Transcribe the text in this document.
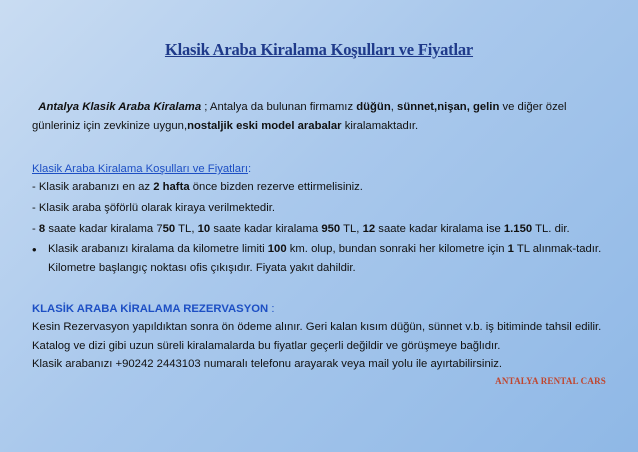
Klasik Araba Kiralama Koşulları ve Fiyatlar
Antalya Klasik Araba Kiralama ; Antalya da bulunan firmamız düğün, sünnet,nişan, gelin ve diğer özel günleriniz için zevkinize uygun,nostaljik eski model arabalar kiralamaktadır.
Klasik Araba Kiralama Koşulları ve Fiyatları:
- Klasik arabanızı en az 2 hafta önce bizden rezerve ettirmelisiniz.
- Klasik araba şöförlü olarak kiraya verilmektedir.
- 8 saate kadar kiralama 750 TL, 10 saate kadar kiralama 950 TL, 12 saate kadar kiralama ise 1.150 TL. dir.
•	Klasik arabanızı kiralama da kilometre limiti 100 km. olup, bundan sonraki her kilometre için 1 TL alınmak-tadır. Kilometre başlangıç noktası ofis çıkışıdır. Fiyata yakıt dahildir.
KLASİK ARABA KİRALAMA REZERVASYON :
Kesin Rezervasyon yapıldıktan sonra ön ödeme alınır. Geri kalan kısım düğün, sünnet v.b. iş bitiminde tahsil edilir. Katalog ve dizi gibi uzun süreli kiralamalarda bu fiyatlar geçerli değildir ve görüşmeye bağlıdır.
Klasik arabanızı +90242 2443103 numaralı telefonu arayarak veya mail yolu ile ayırtabilirsiniz.
ANTALYA RENTAL CARS
